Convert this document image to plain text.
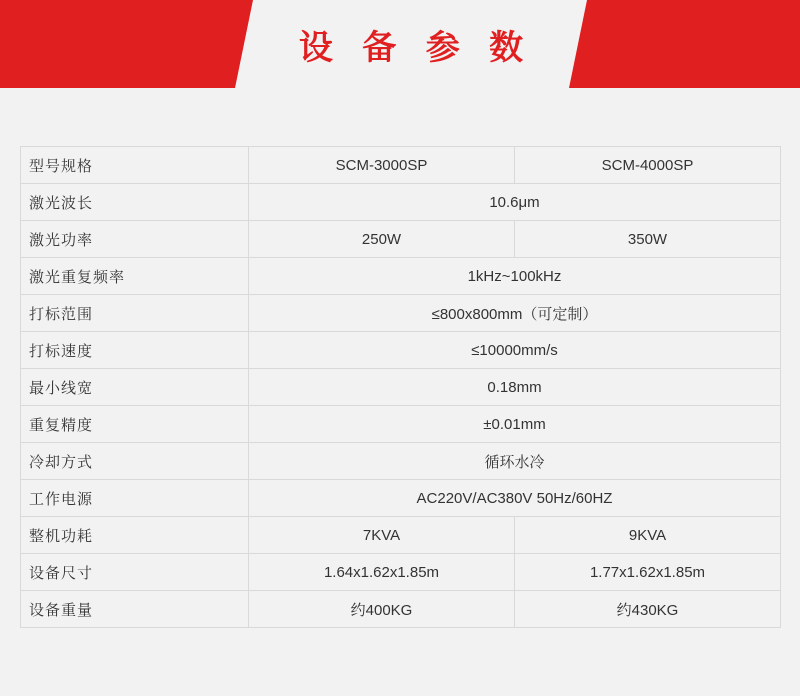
设 备 参 数
型号规格	SCM-3000SP	SCM-4000SP
激光波长	10.6μm	
激光功率	250W	350W
激光重复频率	1kHz~100kHz	
打标范围	≤800x800mm（可定制）	
打标速度	≤10000mm/s	
最小线宽	0.18mm	
重复精度	±0.01mm	
冷却方式	循环水冷	
工作电源	AC220V/AC380V 50Hz/60HZ	
整机功耗	7KVA	9KVA
设备尺寸	1.64x1.62x1.85m	1.77x1.62x1.85m
设备重量	约400KG	约430KG
